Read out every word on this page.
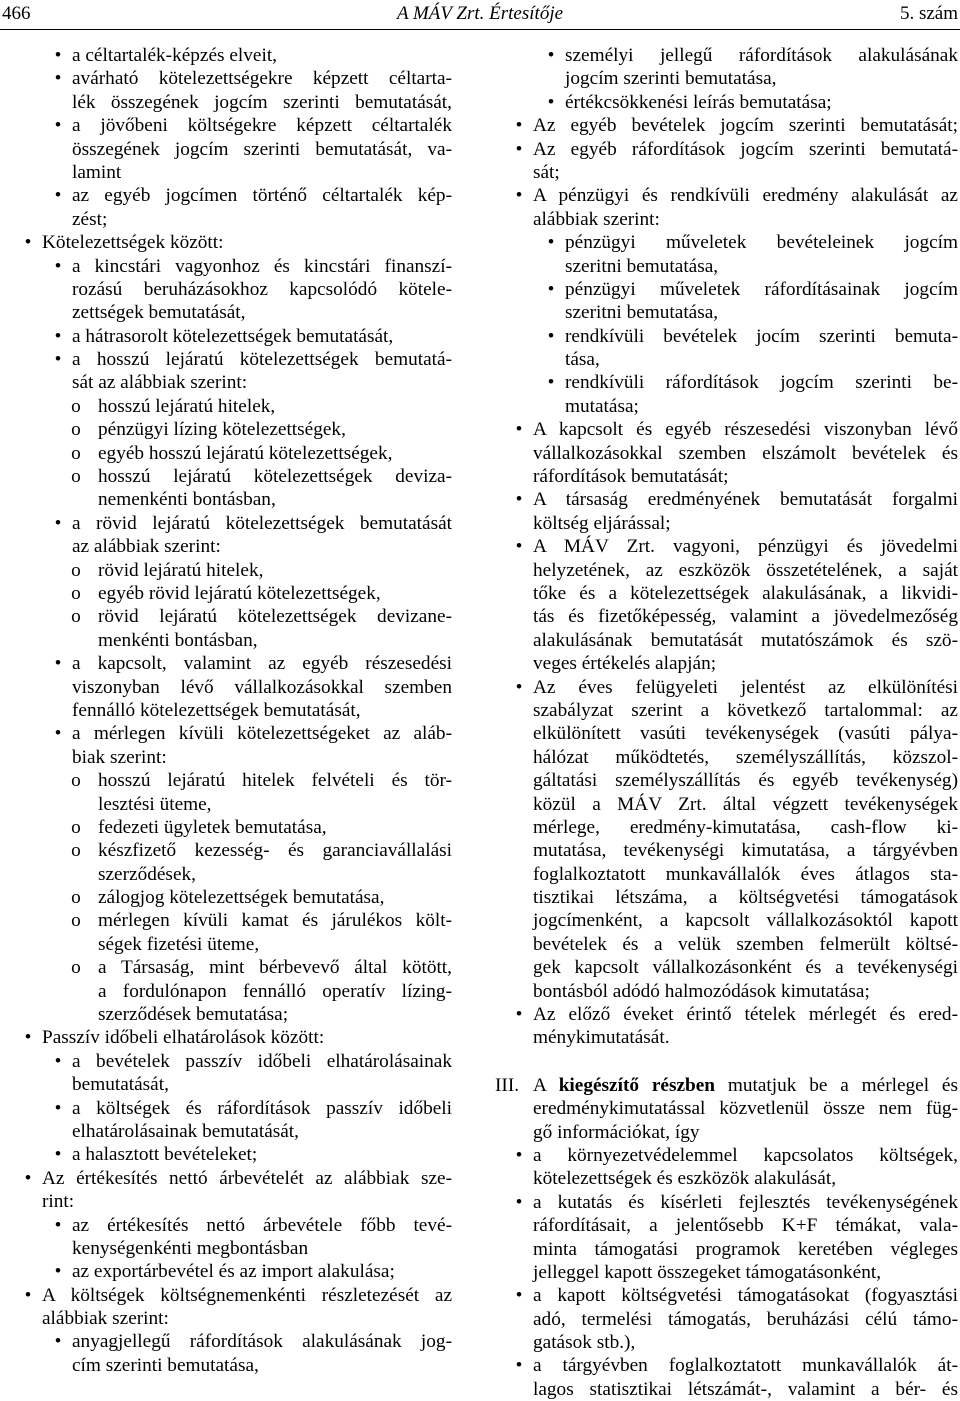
466	A MÁV Zrt. Értesítője	5. szám
• a céltartalék-képzés elveit,
• avárható kötelezettségekre képzett céltarta-
lék összegének jogcím szerinti bemutatását,
• a jövőbeni költségekre képzett céltartalék
összegének jogcím szerinti bemutatását, va-
lamint
• az egyéb jogcímen történő céltartalék kép-
zést;
• Kötelezettségek között:
• a kincstári vagyonhoz és kincstári finanszí-
rozású beruházásokhoz kapcsolódó kötele-
zettségek bemutatását,
• a hátrasorolt kötelezettségek bemutatását,
• a hosszú lejáratú kötelezettségek bemutatá-
sát az alábbiak szerint:
o hosszú lejáratú hitelek,
o pénzügyi lízing kötelezettségek,
o egyéb hosszú lejáratú kötelezettségek,
o hosszú lejáratú kötelezettségek deviza-
nemenkénti bontásban,
• a rövid lejáratú kötelezettségek bemutatását
az alábbiak szerint:
o rövid lejáratú hitelek,
o egyéb rövid lejáratú kötelezettségek,
o rövid lejáratú kötelezettségek devizane-
menkénti bontásban,
• a kapcsolt, valamint az egyéb részesedési
viszonyban lévő vállalkozásokkal szemben
fennálló kötelezettségek bemutatását,
• a mérlegen kívüli kötelezettségeket az aláb-
biak szerint:
o hosszú lejáratú hitelek felvételi és tör-
lesztési üteme,
o fedezeti ügyletek bemutatása,
o készfizető kezesség- és garanciavállalási
szerződések,
o zálogjog kötelezettségek bemutatása,
o mérlegen kívüli kamat és járulékos költ-
ségek fizetési üteme,
o a Társaság, mint bérbevevő által kötött,
a fordulónapon fennálló operatív lízing-
szerződések bemutatása;
• Passzív időbeli elhatárolások között:
• a bevételek passzív időbeli elhatárolásainak
bemutatását,
• a költségek és ráfordítások passzív időbeli
elhatárolásainak bemutatását,
• a halasztott bevételeket;
• Az értékesítés nettó árbevételét az alábbiak sze-
rint:
• az értékesítés nettó árbevétele főbb tevé-
kenységenkénti megbontásban
• az exportárbevétel és az import alakulása;
• A költségek költségnemenkénti részletezését az
alábbiak szerint:
• anyagjellegű ráfordítások alakulásának jog-
cím szerinti bemutatása,
• személyi jellegű ráfordítások alakulásának
jogcím szerinti bemutatása,
• értékcsökkenési leírás bemutatása;
• Az egyéb bevételek jogcím szerinti bemutatását;
• Az egyéb ráfordítások jogcím szerinti bemutatá-
sát;
• A pénzügyi és rendkívüli eredmény alakulását az
alábbiak szerint:
• pénzügyi műveletek bevételeinek jogcím
szeritni bemutatása,
• pénzügyi műveletek ráfordításainak jogcím
szeritni bemutatása,
• rendkívüli bevételek jocím szerinti bemuta-
tása,
• rendkívüli ráfordítások jogcím szerinti be-
mutatása;
• A kapcsolt és egyéb részesedési viszonyban lévő
vállalkozásokkal szemben elszámolt bevételek és
ráfordítások bemutatását;
• A társaság eredményének bemutatását forgalmi
költség eljárással;
• A MÁV Zrt. vagyoni, pénzügyi és jövedelmi
helyzetének, az eszközök összetételének, a saját
tőke és a kötelezettségek alakulásának, a likvidi-
tás és fizetőképesség, valamint a jövedelmezőség
alakulásának bemutatását mutatószámok és szö-
veges értékelés alapján;
• Az éves felügyeleti jelentést az elkülönítési
szabályzat szerint a következő tartalommal: az
elkülönített vasúti tevékenységek (vasúti pálya-
hálózat működtetés, személyszállítás, közszol-
gáltatási személyszállítás és egyéb tevékenység)
közül a MÁV Zrt. által végzett tevékenységek
mérlege, eredmény-kimutatása, cash-flow ki-
mutatása, tevékenységi kimutatása, a tárgyévben
foglalkoztatott munkavállalók éves átlagos sta-
tisztikai létszáma, a költségvetési támogatások
jogcímenként, a kapcsolt vállalkozásoktól kapott
bevételek és a velük szemben felmerült költsé-
gek kapcsolt vállalkozásonként és a tevékenységi
bontásból adódó halmozódások kimutatása;
• Az előző éveket érintő tételek mérlegét és ered-
ménykimutatását.
III. A kiegészítő részben mutatjuk be a mérlegel és
eredménykimutatással közvetlenül össze nem füg-
gő információkat, így
• a környezetvédelemmel kapcsolatos költségek,
kötelezettségek és eszközök alakulását,
• a kutatás és kísérleti fejlesztés tevékenységének
ráfordításait, a jelentősebb K+F témákat, vala-
minta támogatási programok keretében végleges
jelleggel kapott összegeket támogatásonként,
• a kapott költségvetési támogatásokat (fogyasztási
adó, termelési támogatás, beruházási célú támo-
gatások stb.),
• a tárgyévben foglalkoztatott munkavállalók át-
lagos statisztikai létszámát-, valamint a bér- és
